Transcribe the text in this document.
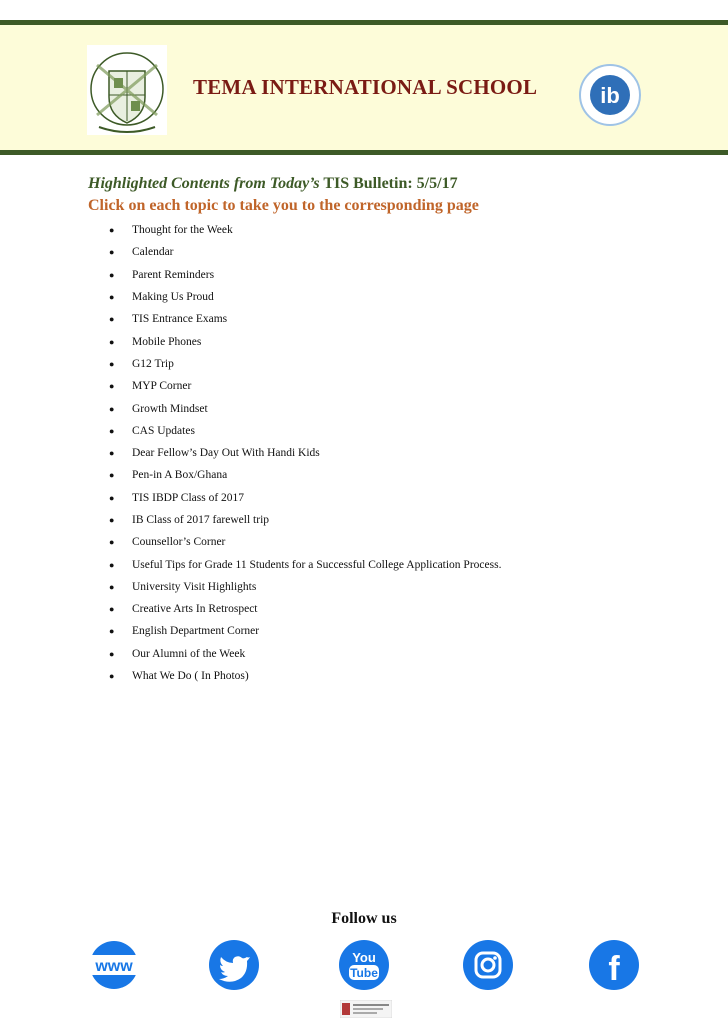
TEMA INTERNATIONAL SCHOOL	ib
Highlighted Contents from Today’s TIS Bulletin: 5/5/17
Click on each topic to take you to the corresponding page
●	Thought for the Week
●	Calendar
●	Parent Reminders
●	Making Us Proud
●	TIS Entrance Exams
●	Mobile Phones
●	G12 Trip
●	MYP Corner
●	Growth Mindset
●	CAS Updates
●	Dear Fellow’s Day Out With Handi Kids
●	Pen-in A Box/Ghana
●	TIS IBDP Class of 2017
●	IB Class of 2017 farewell trip
●	Counsellor’s Corner
●	Useful Tips for Grade 11 Students for a Successful College Application Process.
●	University Visit Highlights
●	Creative Arts In Retrospect
●	English Department Corner
●	Our Alumni of the Week
●	What We Do ( In Photos)
Follow us
www
You
Tube	f
